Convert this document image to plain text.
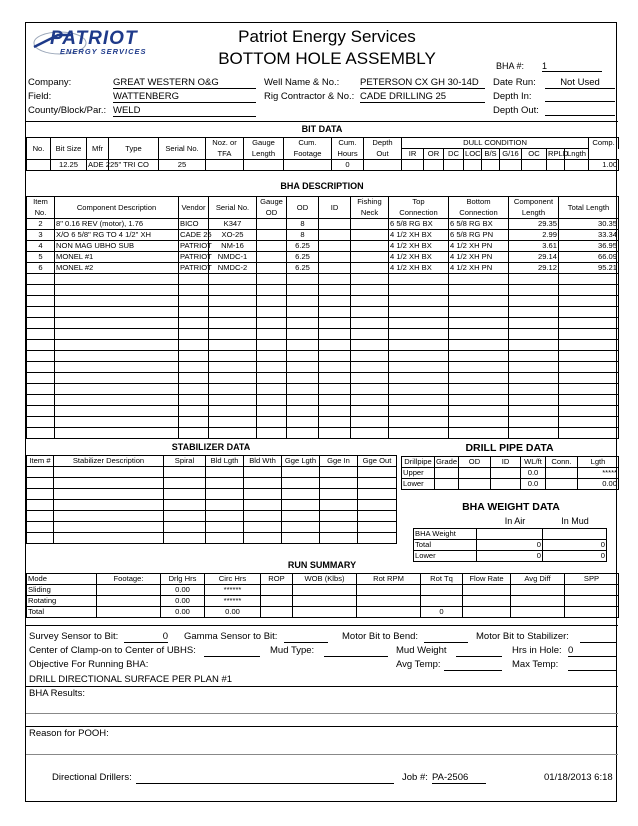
PATRIOT
ENERGY SERVICES
Patriot Energy Services
BOTTOM HOLE ASSEMBLY	BHA #: 1
Company:	GREAT WESTERN O&G
Field:	WATTENBERG
County/Block/Par.: WELD
Well Name & No.: PETERSON CX GH 30-14D
Rig Contractor & No.: CADE DRILLING 25
Date Run:	Not Used
Depth In:
Depth Out:
BIT DATA
No.	Bit Size	Mfr	Type	Serial No.	Noz. or	Gauge	Cum.	Cum.	Depth	DULL CONDITION									Comp.
					TFA	Length	Footage	Hours	Out	IR	OR	DC	LOC	B/S	G/16	OC	RPLD	Lngth	
	12.25	ADE 2	25" TRI CO	25				0											1.00
BHA DESCRIPTION
Item	Component Description	Vendor	Serial No.	Gauge	OD	ID	Fishing	Top	Bottom	Component	Total Length
No.				OD			Neck	Connection	Connection	Length	
2	8" 0.16 REV (motor), 1.76	BICO	K347		8			6 5/8 RG BX	6 5/8 RG BX	29.35	30.35
3	X/O 6 5/8" RG TO 4 1/2" XH	CADE 25	XO-25		8			4 1/2 XH BX	6 5/8 RG PN	2.99	33.34
4	NON MAG UBHO SUB	PATRIOT	NM-16		6.25			4 1/2 XH BX	4 1/2 XH PN	3.61	36.95
5	MONEL #1	PATRIOT	NMDC-1		6.25			4 1/2 XH BX	4 1/2 XH PN	29.14	66.09
6	MONEL #2	PATRIOT	NMDC-2		6.25			4 1/2 XH BX	4 1/2 XH PN	29.12	95.21

STABILIZER DATA
Item #	Stabilizer Description	Spiral	Bld Lgth	Bld Wth	Gge Lgth	Gge In	Gge Out

DRILL PIPE DATA
Drillpipe	Grade	OD	ID	WL/ft	Conn.	Lgth
Upper				0.0		*****
Lower				0.0		0.00
BHA WEIGHT DATA
In Air	In Mud
BHA Weight		
Total	0	0
Lower	0	0
RUN SUMMARY
Mode	Footage:	Drlg Hrs	Circ Hrs	ROP	WOB (Klbs)	Rot RPM	Rot Tq	Flow Rate	Avg Diff	SPP
Sliding		0.00	******							
Rotating		0.00	******							
Total		0.00	0.00				0			
Survey Sensor to Bit:	0 Gamma Sensor to Bit:	Motor Bit to Bend:	Motor Bit to Stabilizer:
Center of Clamp-on to Center of UBHS:	Mud Type:	Mud Weight	Hrs in Hole: 0
Objective For Running BHA:	Avg Temp:	Max Temp:
DRILL DIRECTIONAL SURFACE PER PLAN #1
BHA Results:
Reason for POOH:
Directional Drillers:	Job #: PA-2506	01/18/2013 6:18
